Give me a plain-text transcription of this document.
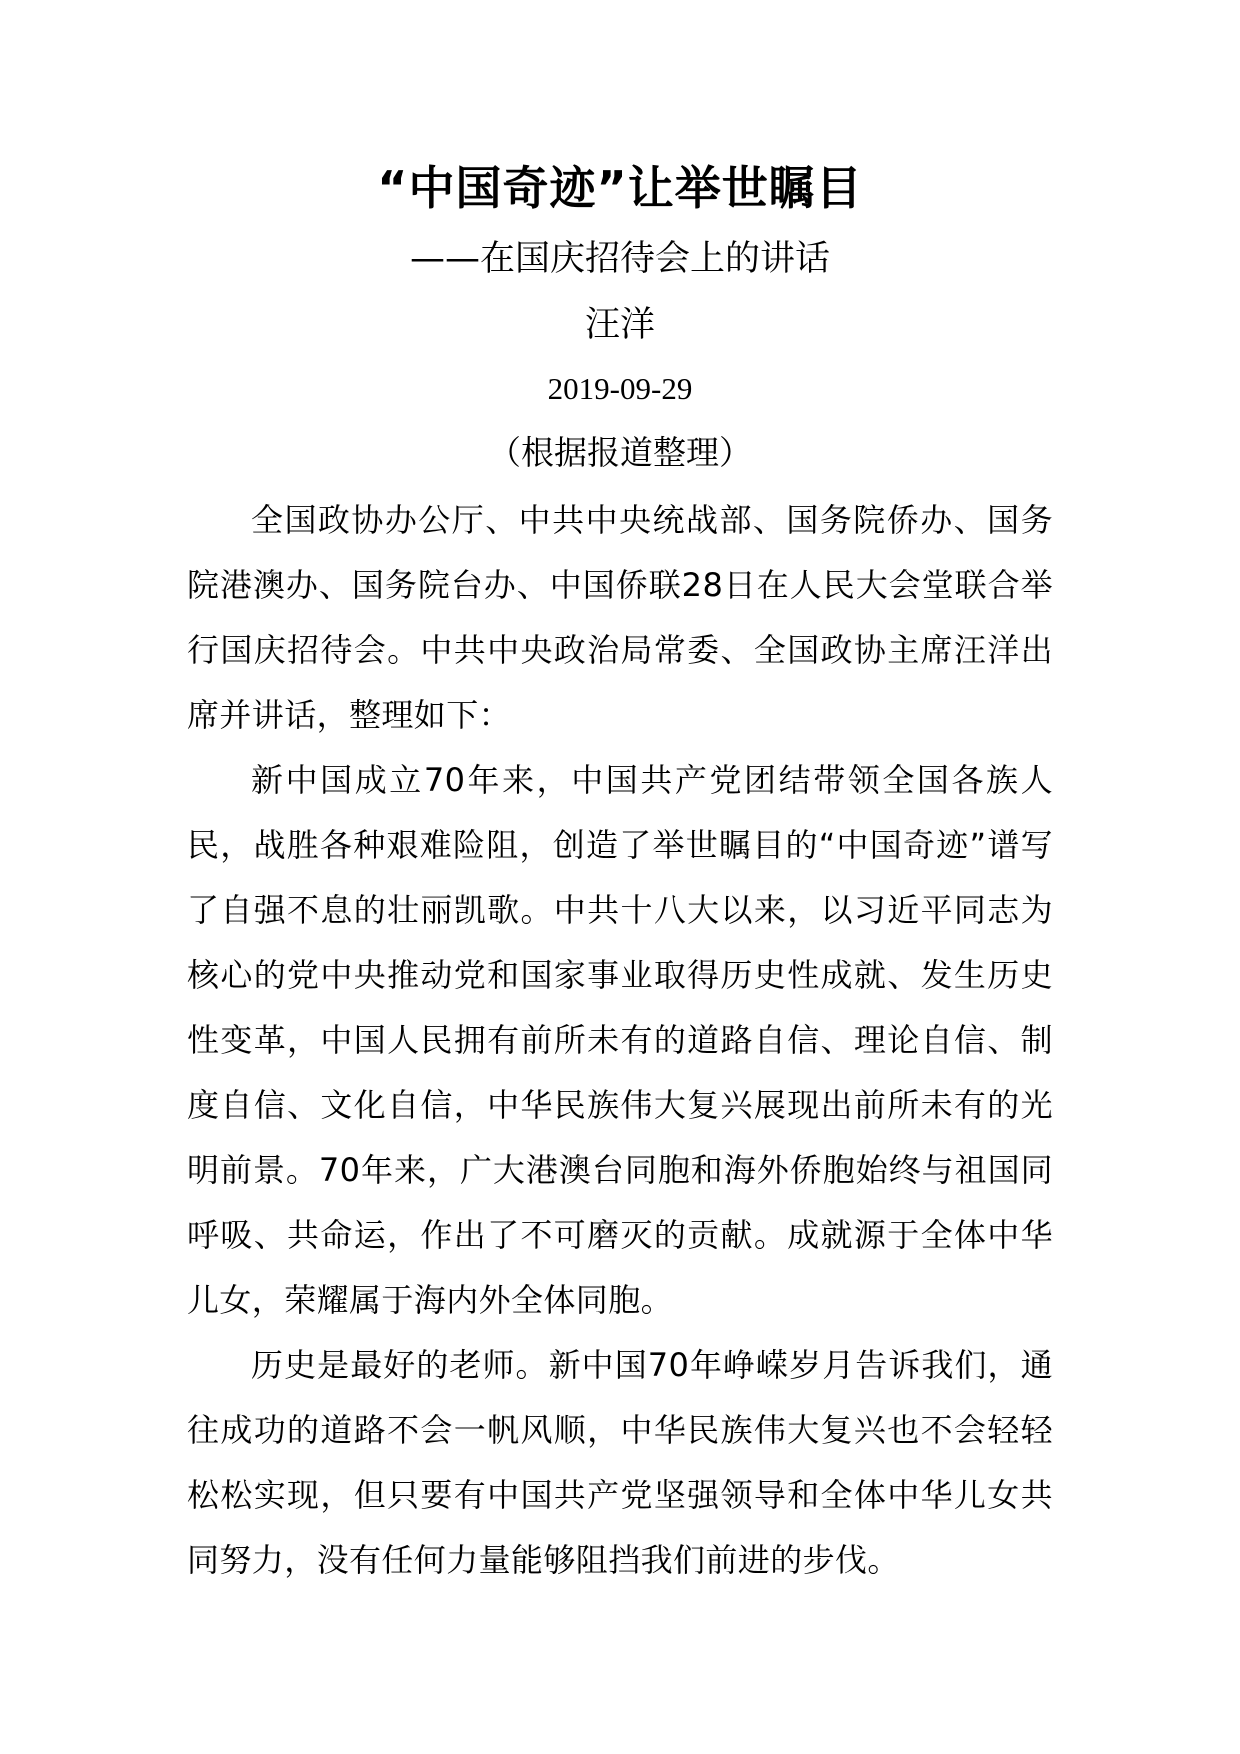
“中国奇迹”让举世瞩目
——在国庆招待会上的讲话
汪洋
2019-09-29
（根据报道整理）

全国政协办公厅、中共中央统战部、国务院侨办、国务院港澳办、国务院台办、中国侨联28日在人民大会堂联合举行国庆招待会。中共中央政治局常委、全国政协主席汪洋出席并讲话，整理如下：

新中国成立70年来，中国共产党团结带领全国各族人民，战胜各种艰难险阻，创造了举世瞩目的“中国奇迹”谱写了自强不息的壮丽凯歌。中共十八大以来，以习近平同志为核心的党中央推动党和国家事业取得历史性成就、发生历史性变革，中国人民拥有前所未有的道路自信、理论自信、制度自信、文化自信，中华民族伟大复兴展现出前所未有的光明前景。70年来，广大港澳台同胞和海外侨胞始终与祖国同呼吸、共命运，作出了不可磨灭的贡献。成就源于全体中华儿女，荣耀属于海内外全体同胞。

历史是最好的老师。新中国70年峥嵘岁月告诉我们，通往成功的道路不会一帆风顺，中华民族伟大复兴也不会轻轻松松实现，但只要有中国共产党坚强领导和全体中华儿女共同努力，没有任何力量能够阻挡我们前进的步伐。
